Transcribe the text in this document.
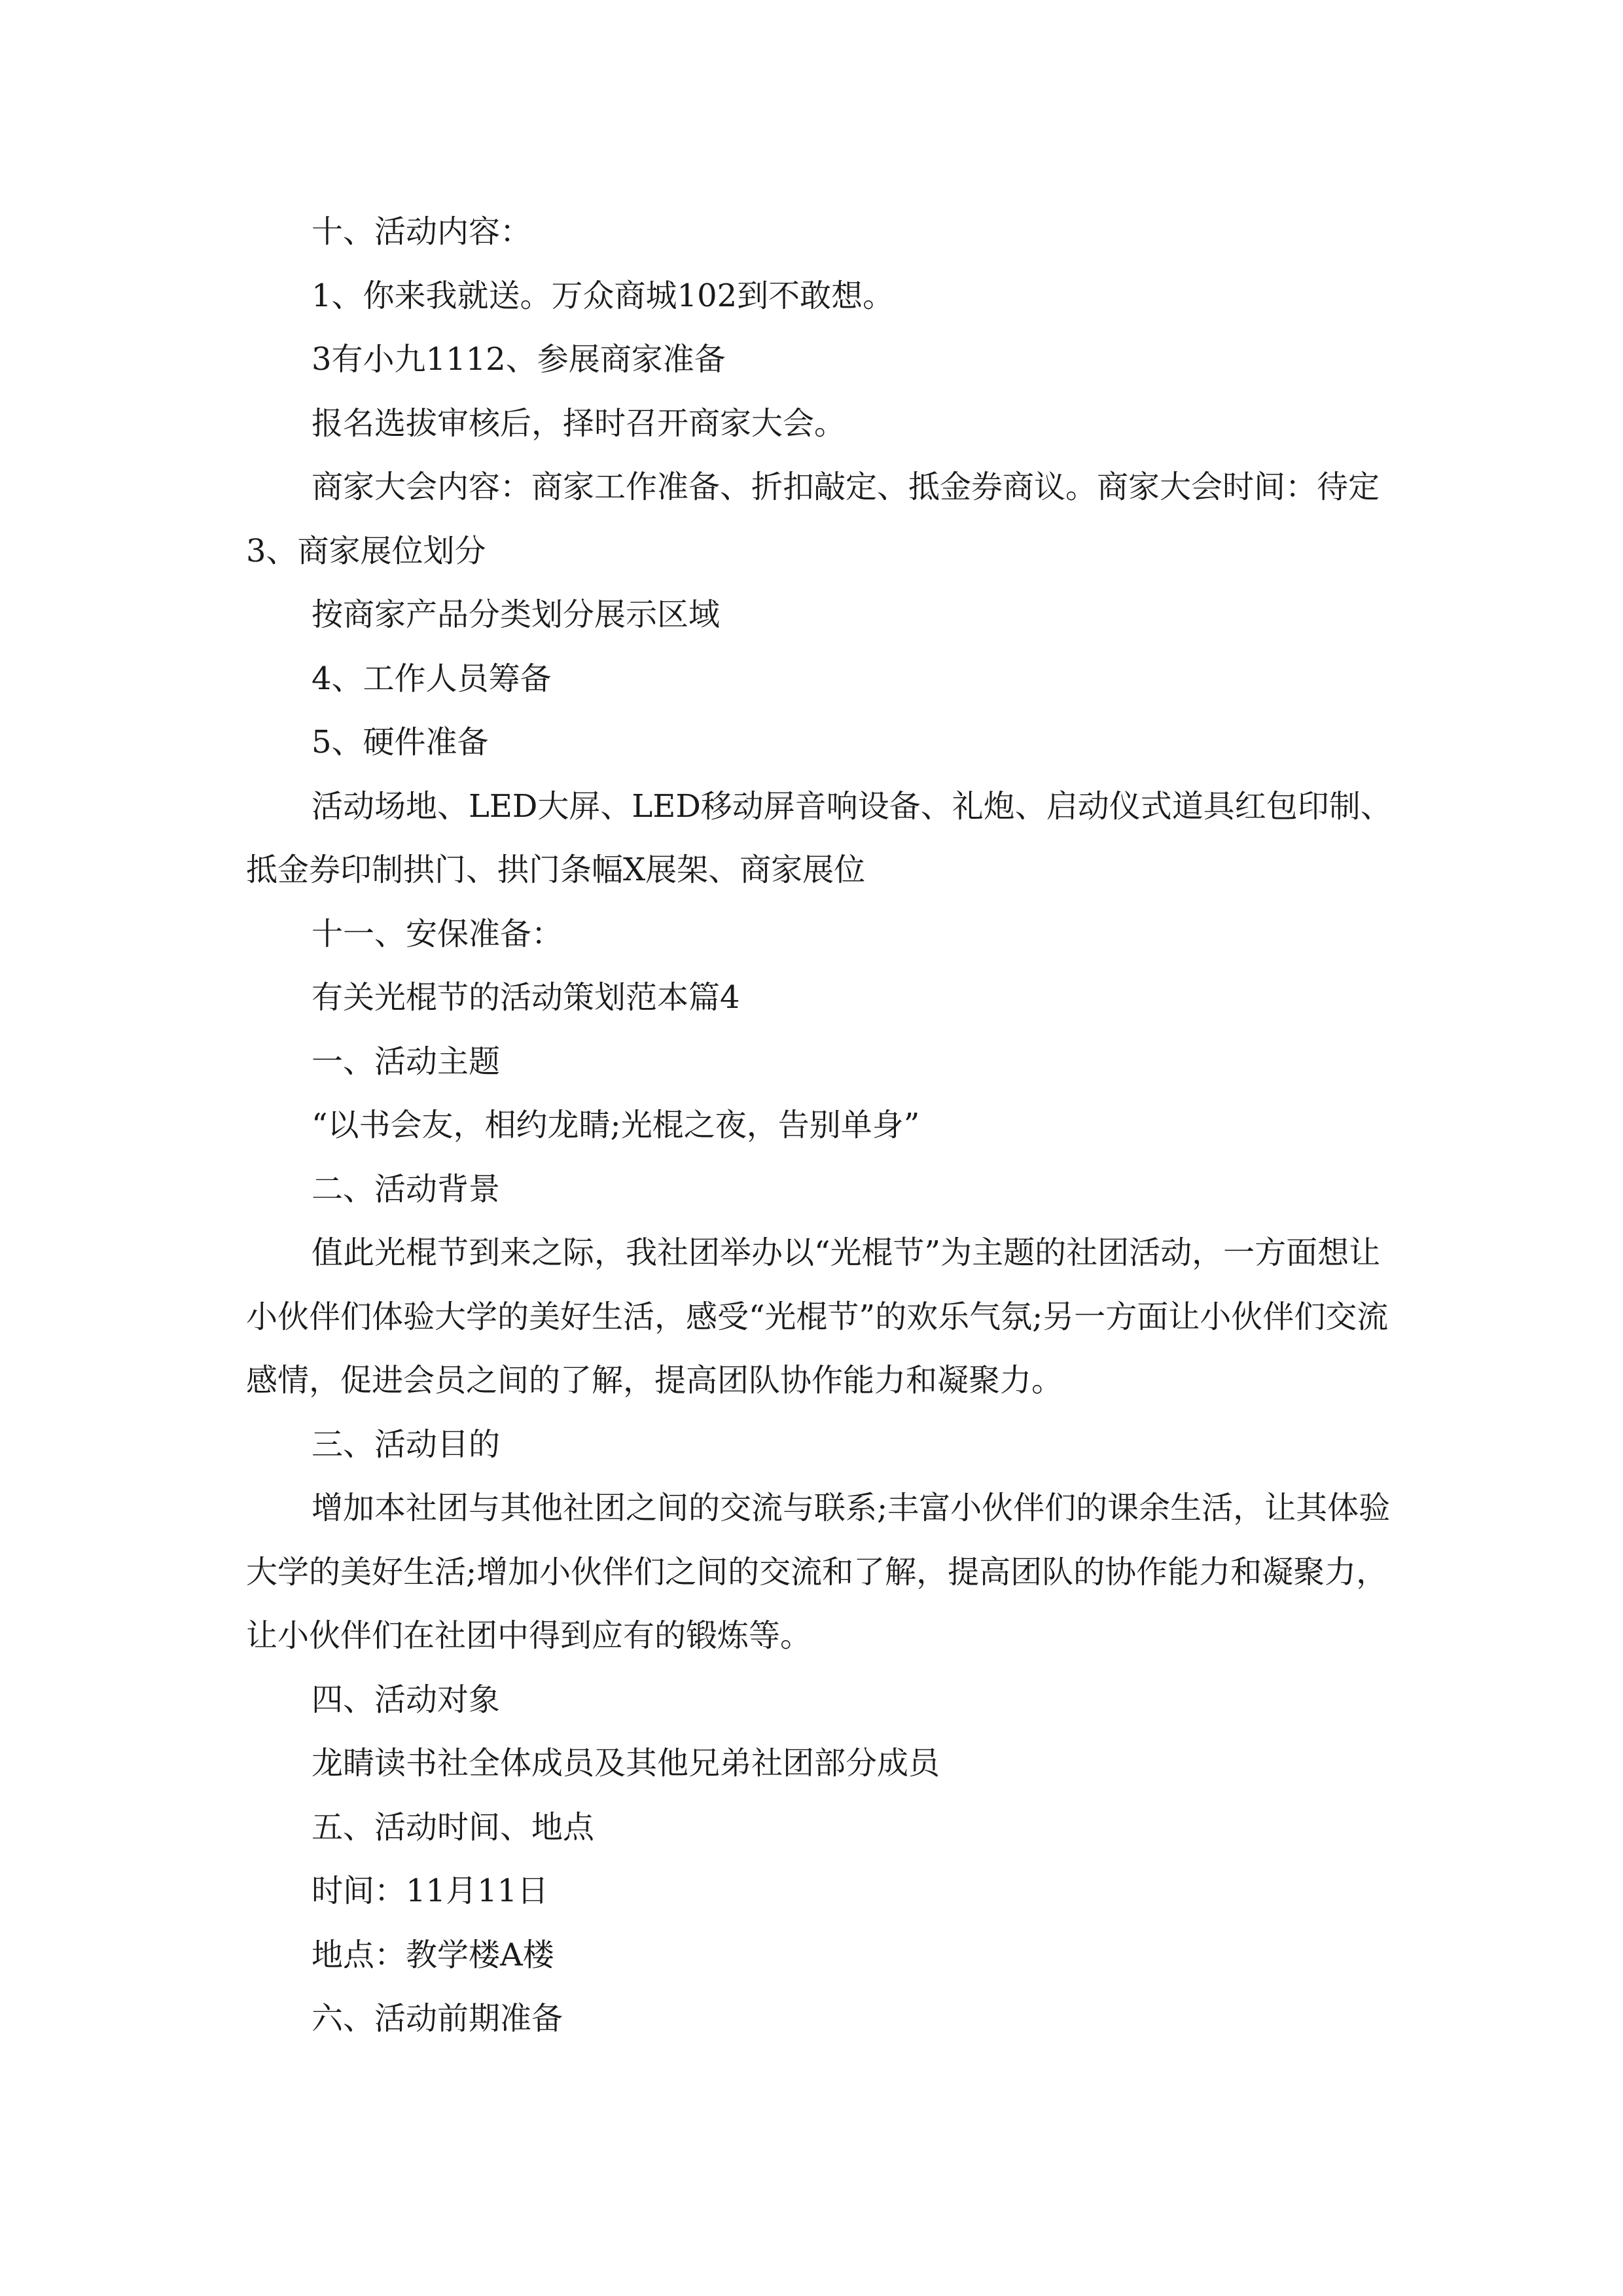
十、活动内容：

1、你来我就送。万众商城102到不敢想。

3有小九1112、参展商家准备

报名选拔审核后，择时召开商家大会。

商家大会内容：商家工作准备、折扣敲定、抵金券商议。商家大会时间：待定3、商家展位划分

按商家产品分类划分展示区域

4、工作人员筹备

5、硬件准备

活动场地、LED大屏、LED移动屏音响设备、礼炮、启动仪式道具红包印制、抵金券印制拱门、拱门条幅X展架、商家展位

十一、安保准备：

有关光棍节的活动策划范本篇4

一、活动主题

“以书会友，相约龙睛;光棍之夜，告别单身”

二、活动背景

值此光棍节到来之际，我社团举办以“光棍节”为主题的社团活动，一方面想让小伙伴们体验大学的美好生活，感受“光棍节”的欢乐气氛;另一方面让小伙伴们交流感情，促进会员之间的了解，提高团队协作能力和凝聚力。

三、活动目的

增加本社团与其他社团之间的交流与联系;丰富小伙伴们的课余生活，让其体验大学的美好生活;增加小伙伴们之间的交流和了解，提高团队的协作能力和凝聚力，让小伙伴们在社团中得到应有的锻炼等。

四、活动对象

龙睛读书社全体成员及其他兄弟社团部分成员

五、活动时间、地点

时间：11月11日

地点：教学楼A楼

六、活动前期准备
